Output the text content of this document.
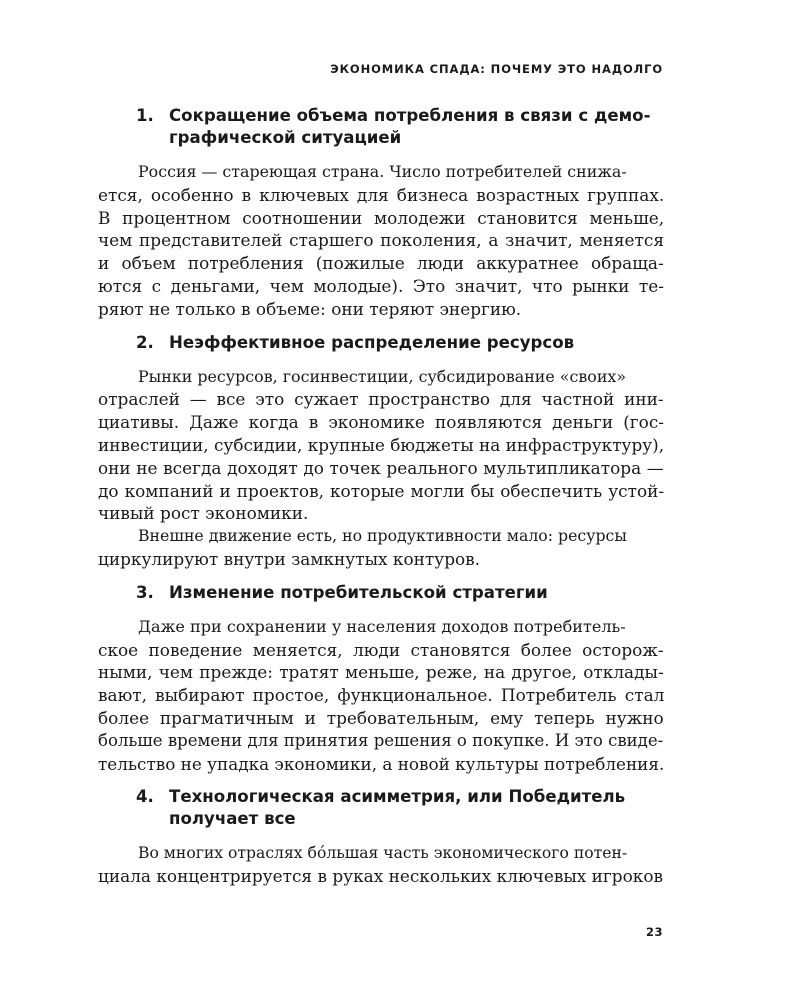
ЭКОНОМИКА СПАДА: ПОЧЕМУ ЭТО НАДОЛГО
1. Сокращение объема потребления в связи с демо-
графической ситуацией

Россия — стареющая страна. Число потребителей снижа-
ется, особенно в ключевых для бизнеса возрастных группах.
В процентном соотношении молодежи становится меньше,
чем представителей старшего поколения, а значит, меняется
и объем потребления (пожилые люди аккуратнее обраща-
ются с деньгами, чем молодые). Это значит, что рынки те-
ряют не только в объеме: они теряют энергию.

2. Неэффективное распределение ресурсов

Рынки ресурсов, госинвестиции, субсидирование «своих»
отраслей — все это сужает пространство для частной ини-
циативы. Даже когда в экономике появляются деньги (гос-
инвестиции, субсидии, крупные бюджеты на инфраструктуру),
они не всегда доходят до точек реального мультипликатора —
до компаний и проектов, которые могли бы обеспечить устой-
чивый рост экономики.

Внешне движение есть, но продуктивности мало: ресурсы
циркулируют внутри замкнутых контуров.

3. Изменение потребительской стратегии

Даже при сохранении у населения доходов потребитель-
ское поведение меняется, люди становятся более осторож-
ными, чем прежде: тратят меньше, реже, на другое, отклады-
вают, выбирают простое, функциональное. Потребитель стал
более прагматичным и требовательным, ему теперь нужно
больше времени для принятия решения о покупке. И это свиде-
тельство не упадка экономики, а новой культуры потребления.

4. Технологическая асимметрия, или Победитель
получает все

Во многих отраслях бóльшая часть экономического потен-
циала концентрируется в руках нескольких ключевых игроков

23
